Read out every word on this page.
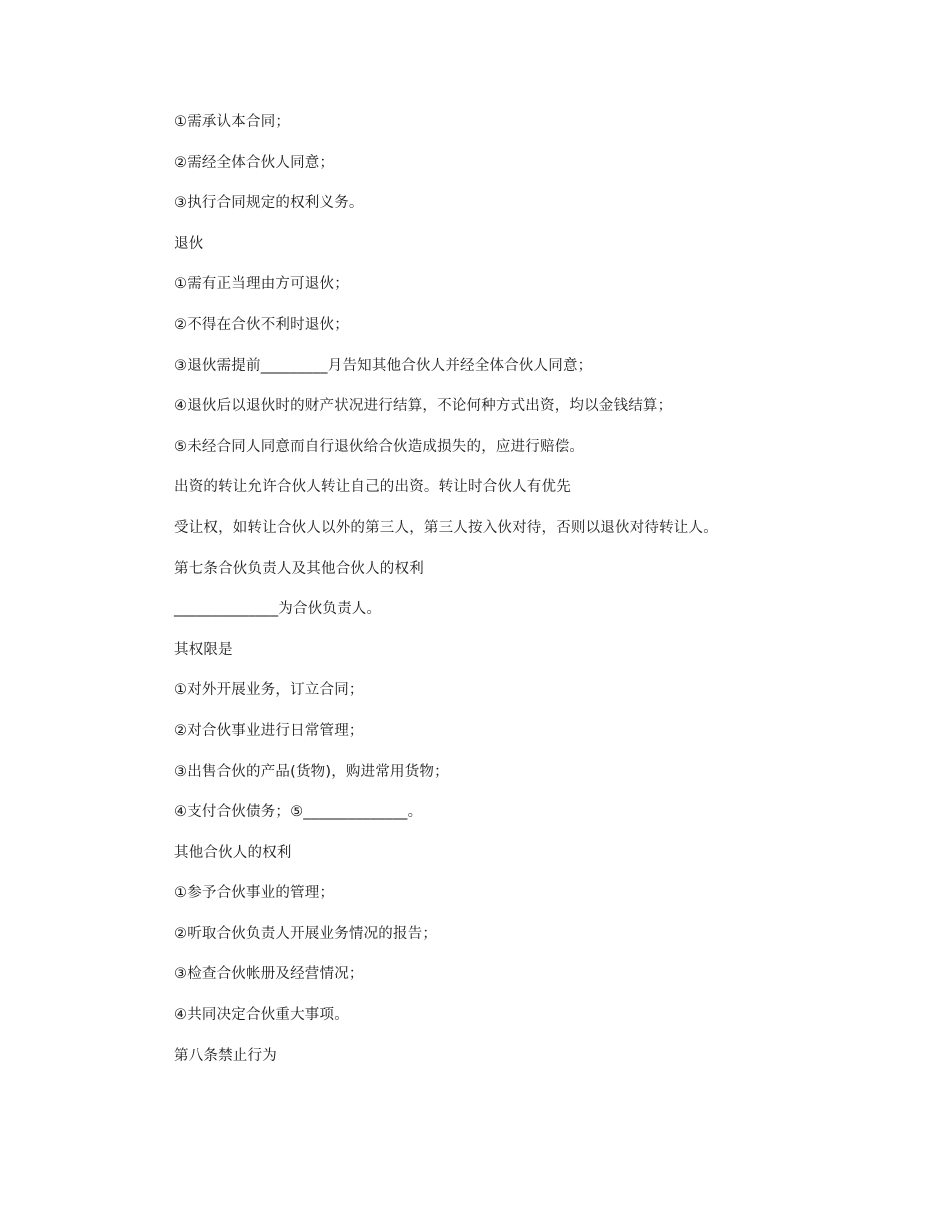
①需承认本合同；
②需经全体合伙人同意；
③执行合同规定的权利义务。
退伙
①需有正当理由方可退伙；
②不得在合伙不利时退伙；
③退伙需提前_________月告知其他合伙人并经全体合伙人同意；
④退伙后以退伙时的财产状况进行结算，不论何种方式出资，均以金钱结算；
⑤未经合同人同意而自行退伙给合伙造成损失的，应进行赔偿。
出资的转让允许合伙人转让自己的出资。转让时合伙人有优先
受让权，如转让合伙人以外的第三人，第三人按入伙对待，否则以退伙对待转让人。
第七条合伙负责人及其他合伙人的权利
______________为合伙负责人。
其权限是
①对外开展业务，订立合同；
②对合伙事业进行日常管理；
③出售合伙的产品(货物)，购进常用货物；
④支付合伙债务；⑤______________。
其他合伙人的权利
①参予合伙事业的管理；
②听取合伙负责人开展业务情况的报告；
③检查合伙帐册及经营情况；
④共同决定合伙重大事项。
第八条禁止行为
